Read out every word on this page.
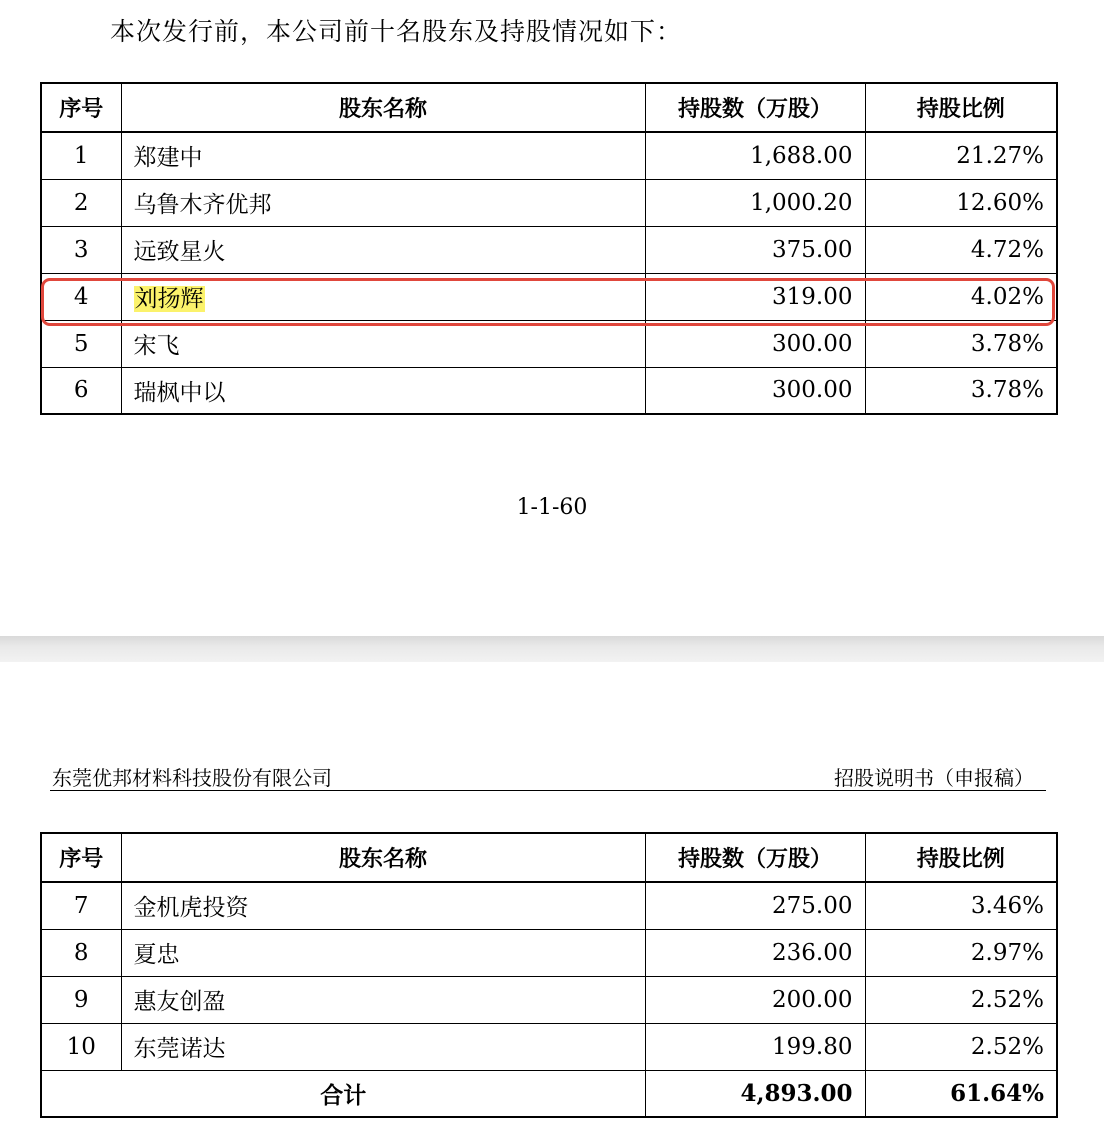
本次发行前，本公司前十名股东及持股情况如下：
序号	股东名称	持股数（万股）	持股比例
1	郑建中	1,688.00	21.27%
2	乌鲁木齐优邦	1,000.20	12.60%
3	远致星火	375.00	4.72%
4	刘扬辉	319.00	4.02%
5	宋飞	300.00	3.78%
6	瑞枫中以	300.00	3.78%
1-1-60
东莞优邦材料科技股份有限公司	招股说明书（申报稿）
序号	股东名称	持股数（万股）	持股比例
7	金机虎投资	275.00	3.46%
8	夏忠	236.00	2.97%
9	惠友创盈	200.00	2.52%
10	东莞诺达	199.80	2.52%
合计		4,893.00	61.64%
